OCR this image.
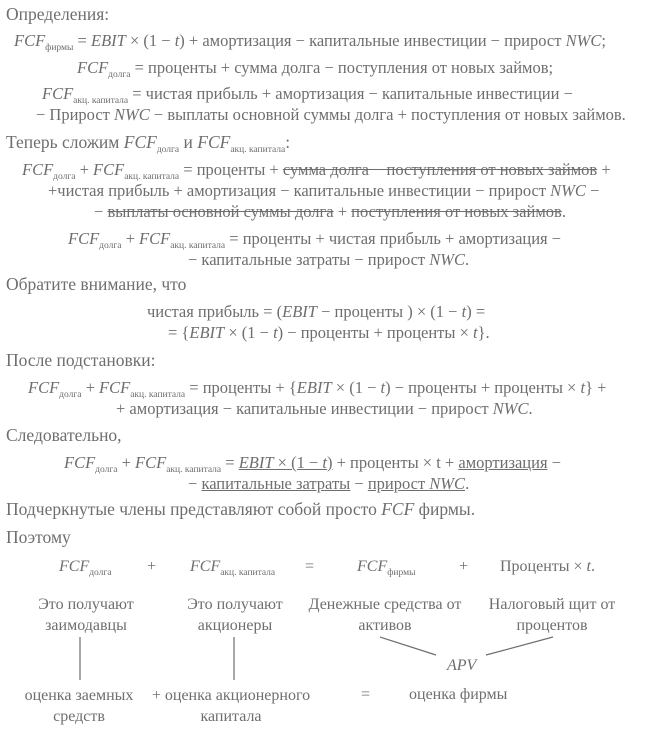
Определения:
$FCF_{фирмы}$ = EBIT × (1 − t) + амортизация − капитальные инвестиции − прирост NWC;
$FCF_{долга}$ = проценты + сумма долга − поступления от новых займов;
$FCF_{акц. капитала}$ = чистая прибыль + амортизация − капитальные инвестиции −
− Прирост NWC − выплаты основной суммы долга + поступления от новых займов.
Теперь сложим $FCF_{долга}$ и $FCF_{акц. капитала}$:
$FCF_{долга} + FCF_{акц. капитала}$ = проценты + сумма долга − поступления от новых займов +
+чистая прибыль + амортизация − капитальные инвестиции − прирост NWC −
− выплаты основной суммы долга + поступления от новых займов.
$FCF_{долга} + FCF_{акц. капитала}$ = проценты + чистая прибыль + амортизация −
− капитальные затраты − прирост NWC.
Обратите внимание, что
чистая прибыль = (EBIT − проценты ) × (1 − t) =
= {EBIT × (1 − t) − проценты + проценты × t}.
После подстановки:
$FCF_{долга} + FCF_{акц. капитала}$ = проценты + {EBIT × (1 − t) − проценты + проценты × t} +
+ амортизация − капитальные инвестиции − прирост NWC.
Следовательно,
$FCF_{долга} + FCF_{акц. капитала}$ = EBIT × (1 − t) + проценты × t + амортизация −
− капитальные затраты − прирост NWC.
Подчеркнутые члены представляют собой просто FCF фирмы.
Поэтому
$FCF_{долга} + FCF_{акц. капитала}$ =	$FCF_{фирмы}$	+ Проценты × t.
Это получают заимодавцы
Это получают акционеры
Денежные средства от активов
Налоговый щит от процентов
APV
оценка заемных средств
+ оценка акционерного капитала
= оценка фирмы
